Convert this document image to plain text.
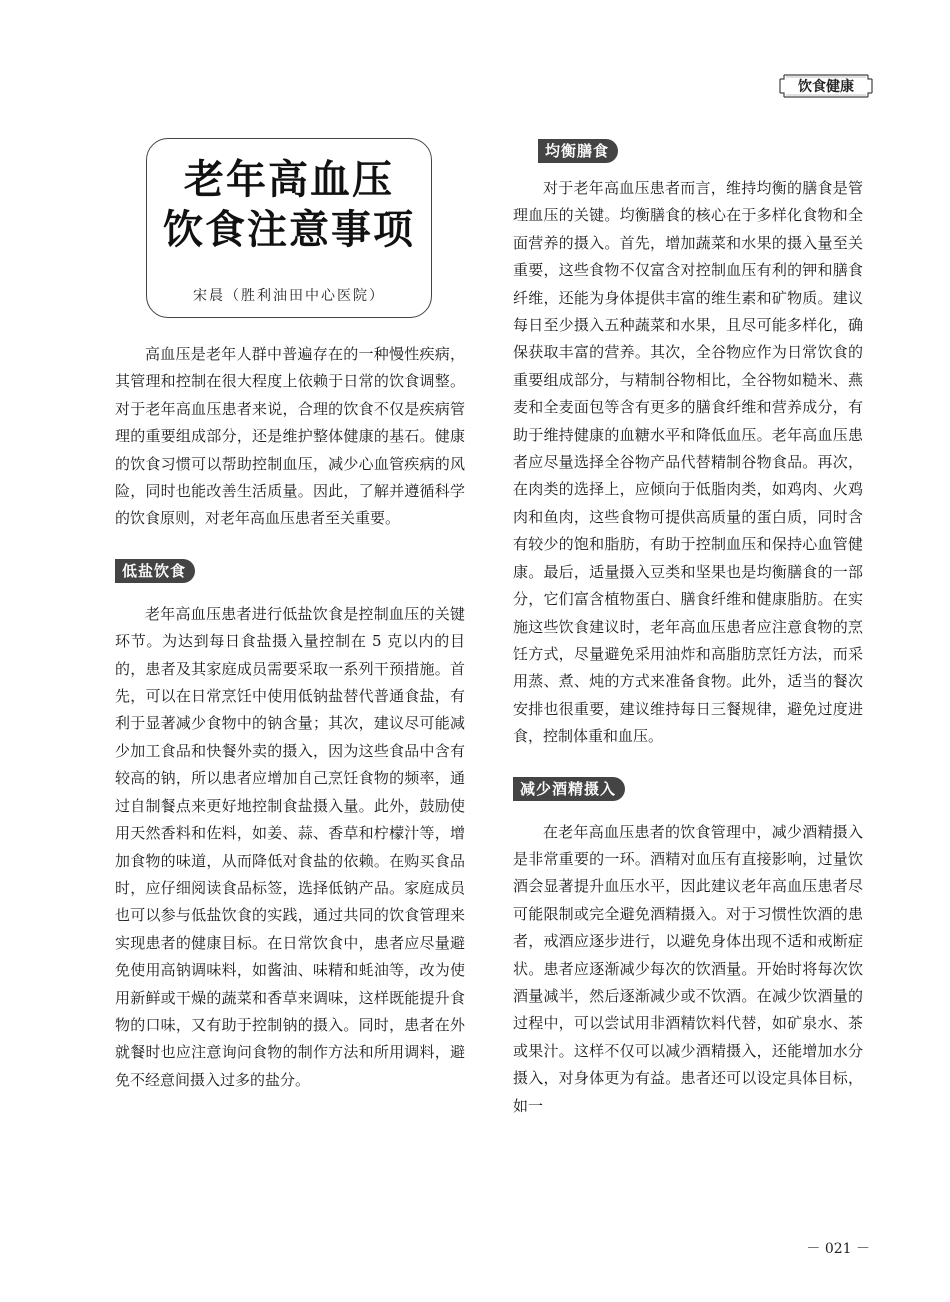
饮食健康
老年高血压
饮食注意事项
宋晨（胜利油田中心医院）

高血压是老年人群中普遍存在的一种慢性疾病，其管理和控制在很大程度上依赖于日常的饮食调整。对于老年高血压患者来说，合理的饮食不仅是疾病管理的重要组成部分，还是维护整体健康的基石。健康的饮食习惯可以帮助控制血压，减少心血管疾病的风险，同时也能改善生活质量。因此，了解并遵循科学的饮食原则，对老年高血压患者至关重要。

低盐饮食

老年高血压患者进行低盐饮食是控制血压的关键环节。为达到每日食盐摄入量控制在 5 克以内的目的，患者及其家庭成员需要采取一系列干预措施。首先，可以在日常烹饪中使用低钠盐替代普通食盐，有利于显著减少食物中的钠含量；其次，建议尽可能减少加工食品和快餐外卖的摄入，因为这些食品中含有较高的钠，所以患者应增加自己烹饪食物的频率，通过自制餐点来更好地控制食盐摄入量。此外，鼓励使用天然香料和佐料，如姜、蒜、香草和柠檬汁等，增加食物的味道，从而降低对食盐的依赖。在购买食品时，应仔细阅读食品标签，选择低钠产品。家庭成员也可以参与低盐饮食的实践，通过共同的饮食管理来实现患者的健康目标。在日常饮食中，患者应尽量避免使用高钠调味料，如酱油、味精和蚝油等，改为使用新鲜或干燥的蔬菜和香草来调味，这样既能提升食物的口味，又有助于控制钠的摄入。同时，患者在外就餐时也应注意询问食物的制作方法和所用调料，避免不经意间摄入过多的盐分。

均衡膳食

对于老年高血压患者而言，维持均衡的膳食是管理血压的关键。均衡膳食的核心在于多样化食物和全面营养的摄入。首先，增加蔬菜和水果的摄入量至关重要，这些食物不仅富含对控制血压有利的钾和膳食纤维，还能为身体提供丰富的维生素和矿物质。建议每日至少摄入五种蔬菜和水果，且尽可能多样化，确保获取丰富的营养。其次，全谷物应作为日常饮食的重要组成部分，与精制谷物相比，全谷物如糙米、燕麦和全麦面包等含有更多的膳食纤维和营养成分，有助于维持健康的血糖水平和降低血压。老年高血压患者应尽量选择全谷物产品代替精制谷物食品。再次，在肉类的选择上，应倾向于低脂肉类，如鸡肉、火鸡肉和鱼肉，这些食物可提供高质量的蛋白质，同时含有较少的饱和脂肪，有助于控制血压和保持心血管健康。最后，适量摄入豆类和坚果也是均衡膳食的一部分，它们富含植物蛋白、膳食纤维和健康脂肪。在实施这些饮食建议时，老年高血压患者应注意食物的烹饪方式，尽量避免采用油炸和高脂肪烹饪方法，而采用蒸、煮、炖的方式来准备食物。此外，适当的餐次安排也很重要，建议维持每日三餐规律，避免过度进食，控制体重和血压。

减少酒精摄入

在老年高血压患者的饮食管理中，减少酒精摄入是非常重要的一环。酒精对血压有直接影响，过量饮酒会显著提升血压水平，因此建议老年高血压患者尽可能限制或完全避免酒精摄入。对于习惯性饮酒的患者，戒酒应逐步进行，以避免身体出现不适和戒断症状。患者应逐渐减少每次的饮酒量。开始时将每次饮酒量减半，然后逐渐减少或不饮酒。在减少饮酒量的过程中，可以尝试用非酒精饮料代替，如矿泉水、茶或果汁。这样不仅可以减少酒精摄入，还能增加水分摄入，对身体更为有益。患者还可以设定具体目标，如一

－ 021 －
